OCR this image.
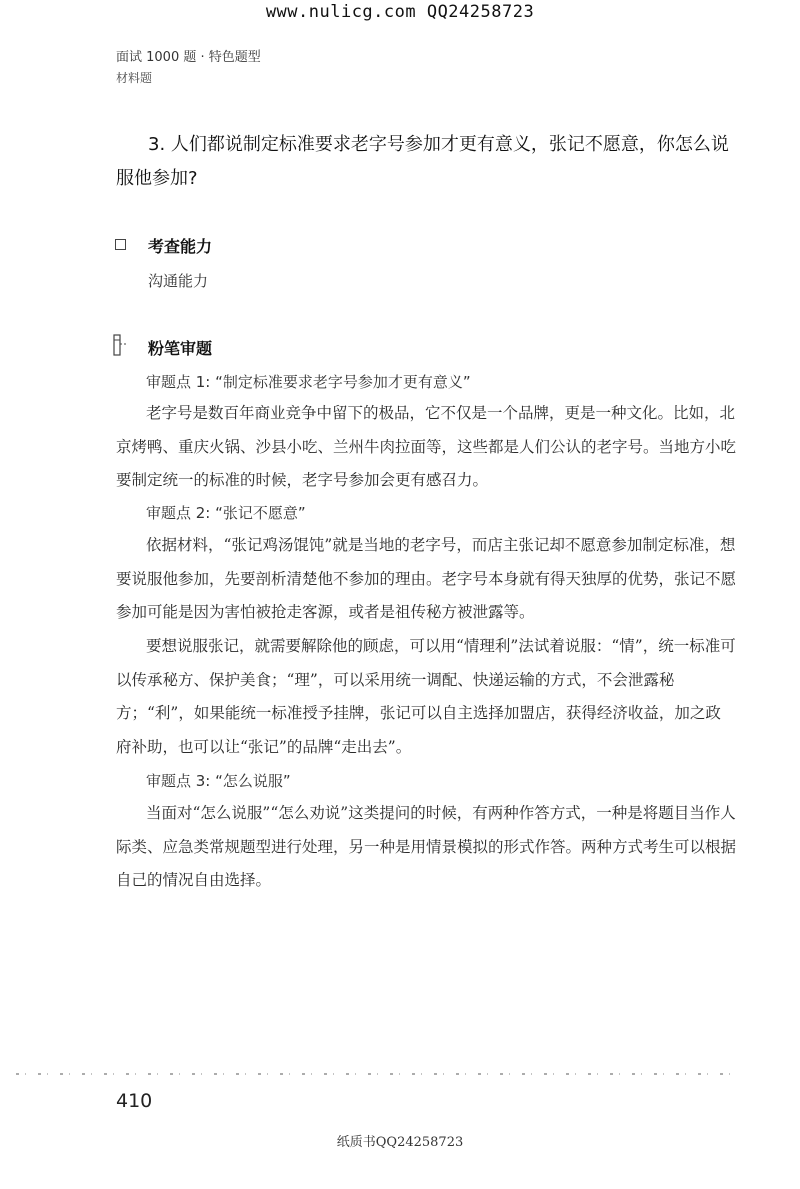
www.nulicg.com QQ24258723
面试 1000 题 · 特色题型
材料题
3. 人们都说制定标准要求老字号参加才更有意义，张记不愿意，你怎么说服他参加?
考查能力
沟通能力
粉笔审题
审题点 1: “制定标准要求老字号参加才更有意义”

老字号是数百年商业竞争中留下的极品，它不仅是一个品牌，更是一种文化。比如，北京烤鸭、重庆火锅、沙县小吃、兰州牛肉拉面等，这些都是人们公认的老字号。当地方小吃要制定统一的标准的时候，老字号参加会更有感召力。

审题点 2: “张记不愿意”

依据材料，“张记鸡汤馄饨”就是当地的老字号，而店主张记却不愿意参加制定标准，想要说服他参加，先要剖析清楚他不参加的理由。老字号本身就有得天独厚的优势，张记不愿参加可能是因为害怕被抢走客源，或者是祖传秘方被泄露等。

要想说服张记，就需要解除他的顾虑，可以用“情理利”法试着说服：“情”，统一标准可以传承秘方、保护美食；“理”，可以采用统一调配、快递运输的方式，不会泄露秘方；“利”，如果能统一标准授予挂牌，张记可以自主选择加盟店，获得经济收益，加之政府补助，也可以让“张记”的品牌“走出去”。

审题点 3: “怎么说服”

当面对“怎么说服”“怎么劝说”这类提问的时候，有两种作答方式，一种是将题目当作人际类、应急类常规题型进行处理，另一种是用情景模拟的形式作答。两种方式考生可以根据自己的情况自由选择。

410
纸质书QQ24258723
